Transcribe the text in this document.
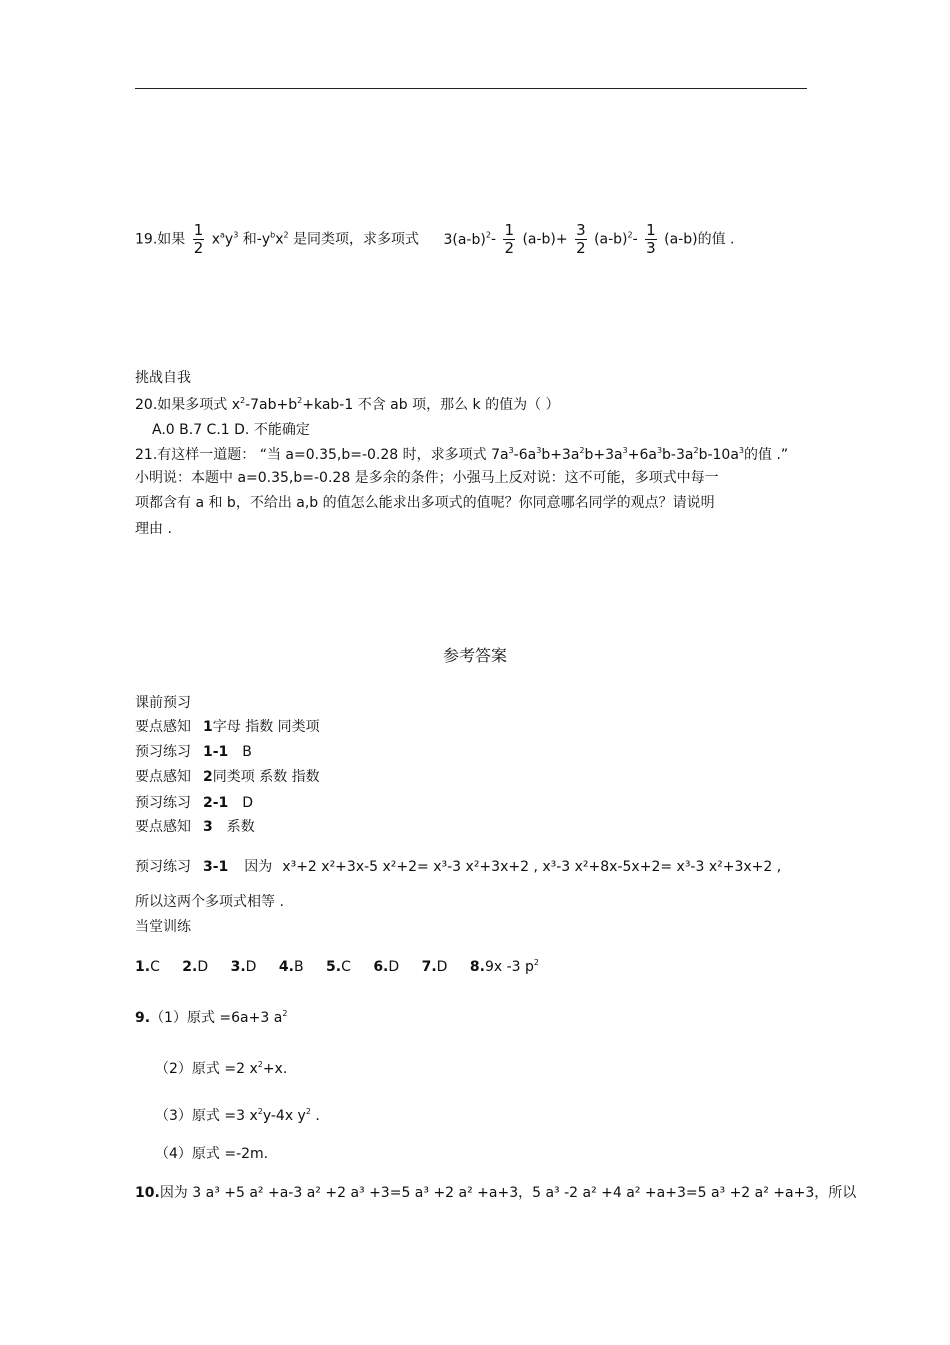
19.如果 $\frac{1}{2} x^ay^3$ 和$-y^bx^2$ 是同类项，求多项式 $3(a-b)^2- \frac{1}{2} (a-b)+ \frac{3}{2} (a-b)^2- \frac{1}{3} (a-b)$的值 .
挑战自我
20.如果多项式 $x^2-7ab+b^2+kab-1$ 不含 ab 项，那么 k 的值为（ ）
A.0 B.7 C.1 D. 不能确定
21.有这样一道题： “当 a=0.35,b=-0.28 时，求多项式 $7a^3-6a^3b+3a^2b+3a^3+6a^3b-3a^2b-10a^3$的值 .”
小明说：本题中 a=0.35,b=-0.28 是多余的条件；小强马上反对说：这不可能，多项式中每一
项都含有 a 和 b，不给出 a,b 的值怎么能求出多项式的值呢？你同意哪名同学的观点？请说明
理由 .
参考答案
课前预习
要点感知 1字母 指数 同类项
预习练习 1-1 B
要点感知 2同类项 系数 指数
预习练习 2-1 D
要点感知 3 系数
预习练习 3-1 因为 x³+2 x²+3x-5 x²+2= x³-3 x²+3x+2 , x³-3 x²+8x-5x+2= x³-3 x²+3x+2 ,
所以这两个多项式相等 .
当堂训练
1.C 2.D 3.D 4.B 5.C 6.D 7.D 8.9x -3 $p^2$
9.（1）原式 =6a+3 $a^2$
（2）原式 =2 $x^2+x$.
（3）原式 =3 $x^2y-4x$ $y^2$ .
（4）原式 =-2m.
10.因为 3 a³ +5 a² +a-3 a² +2 a³ +3=5 a³ +2 a² +a+3，5 a³ -2 a² +4 a² +a+3=5 a³ +2 a² +a+3，所以
